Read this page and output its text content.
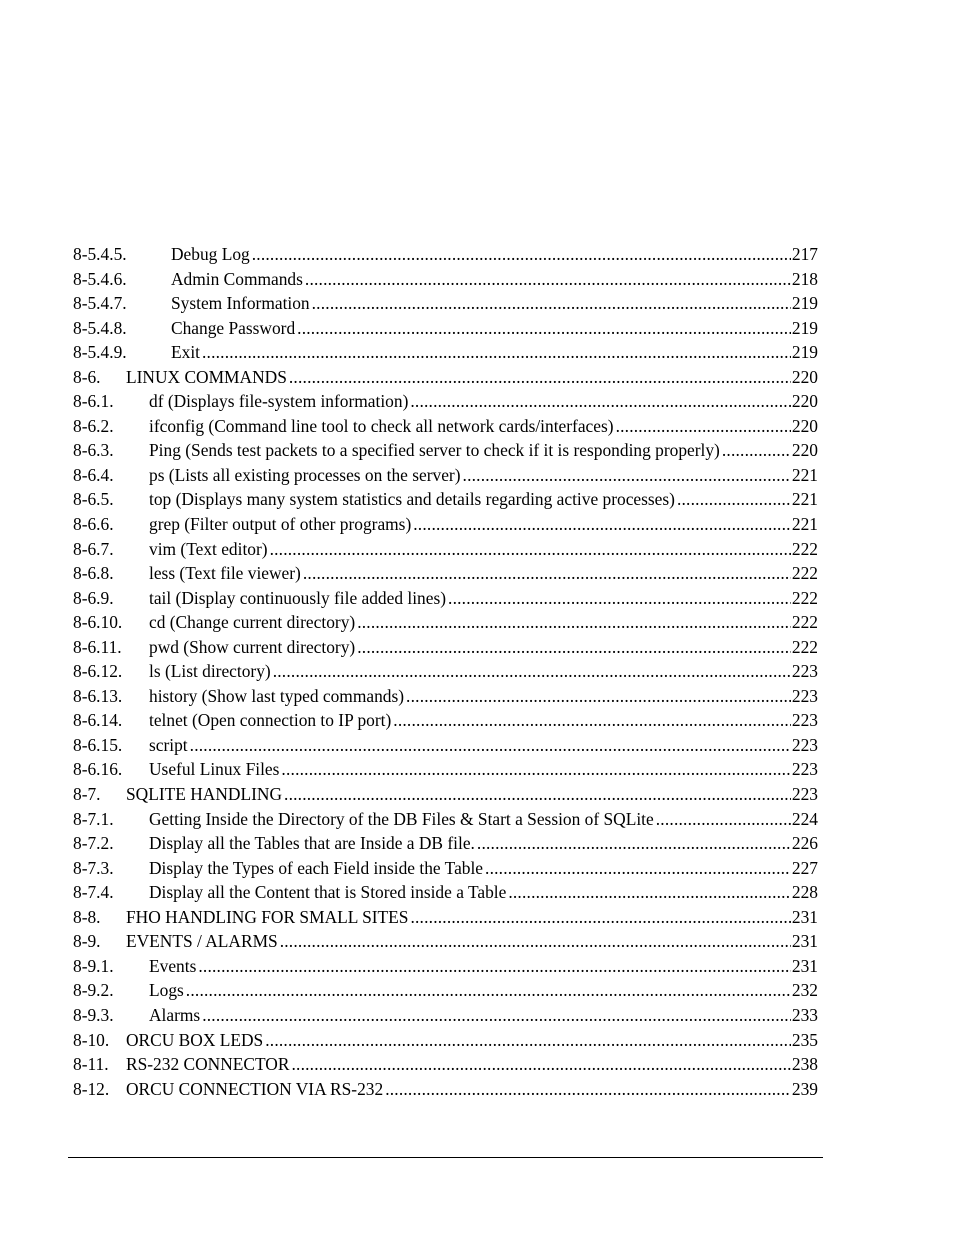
8-5.4.5.	Debug Log .....	217
8-5.4.6.	Admin Commands .....	218
8-5.4.7.	System Information .....	219
8-5.4.8.	Change Password .....	219
8-5.4.9.	Exit .....	219
8-6. LINUX COMMANDS .....	220
8-6.1. df (Displays file-system information) .....	220
8-6.2. ifconfig (Command line tool to check all network cards/interfaces) .....	220
8-6.3. Ping (Sends test packets to a specified server to check if it is responding properly) .....	220
8-6.4. ps (Lists all existing processes on the server) .....	221
8-6.5. top (Displays many system statistics and details regarding active processes) .....	221
8-6.6. grep (Filter output of other programs) .....	221
8-6.7. vim (Text editor) .....	222
8-6.8. less (Text file viewer) .....	222
8-6.9. tail (Display continuously file added lines) .....	222
8-6.10. cd (Change current directory) .....	222
8-6.11. pwd (Show current directory) .....	222
8-6.12. ls (List directory) .....	223
8-6.13. history (Show last typed commands) .....	223
8-6.14. telnet (Open connection to IP port) .....	223
8-6.15. script .....	223
8-6.16. Useful Linux Files .....	223
8-7. SQLITE HANDLING .....	223
8-7.1. Getting Inside the Directory of the DB Files & Start a Session of SQLite .....	224
8-7.2. Display all the Tables that are Inside a DB file. .....	226
8-7.3. Display the Types of each Field inside the Table .....	227
8-7.4. Display all the Content that is Stored inside a Table .....	228
8-8. FHO HANDLING FOR SMALL SITES .....	231
8-9. EVENTS / ALARMS .....	231
8-9.1. Events .....	231
8-9.2. Logs .....	232
8-9.3. Alarms .....	233
8-10. ORCU BOX LEDS .....	235
8-11. RS-232 CONNECTOR .....	238
8-12. ORCU CONNECTION VIA RS-232 .....	239
